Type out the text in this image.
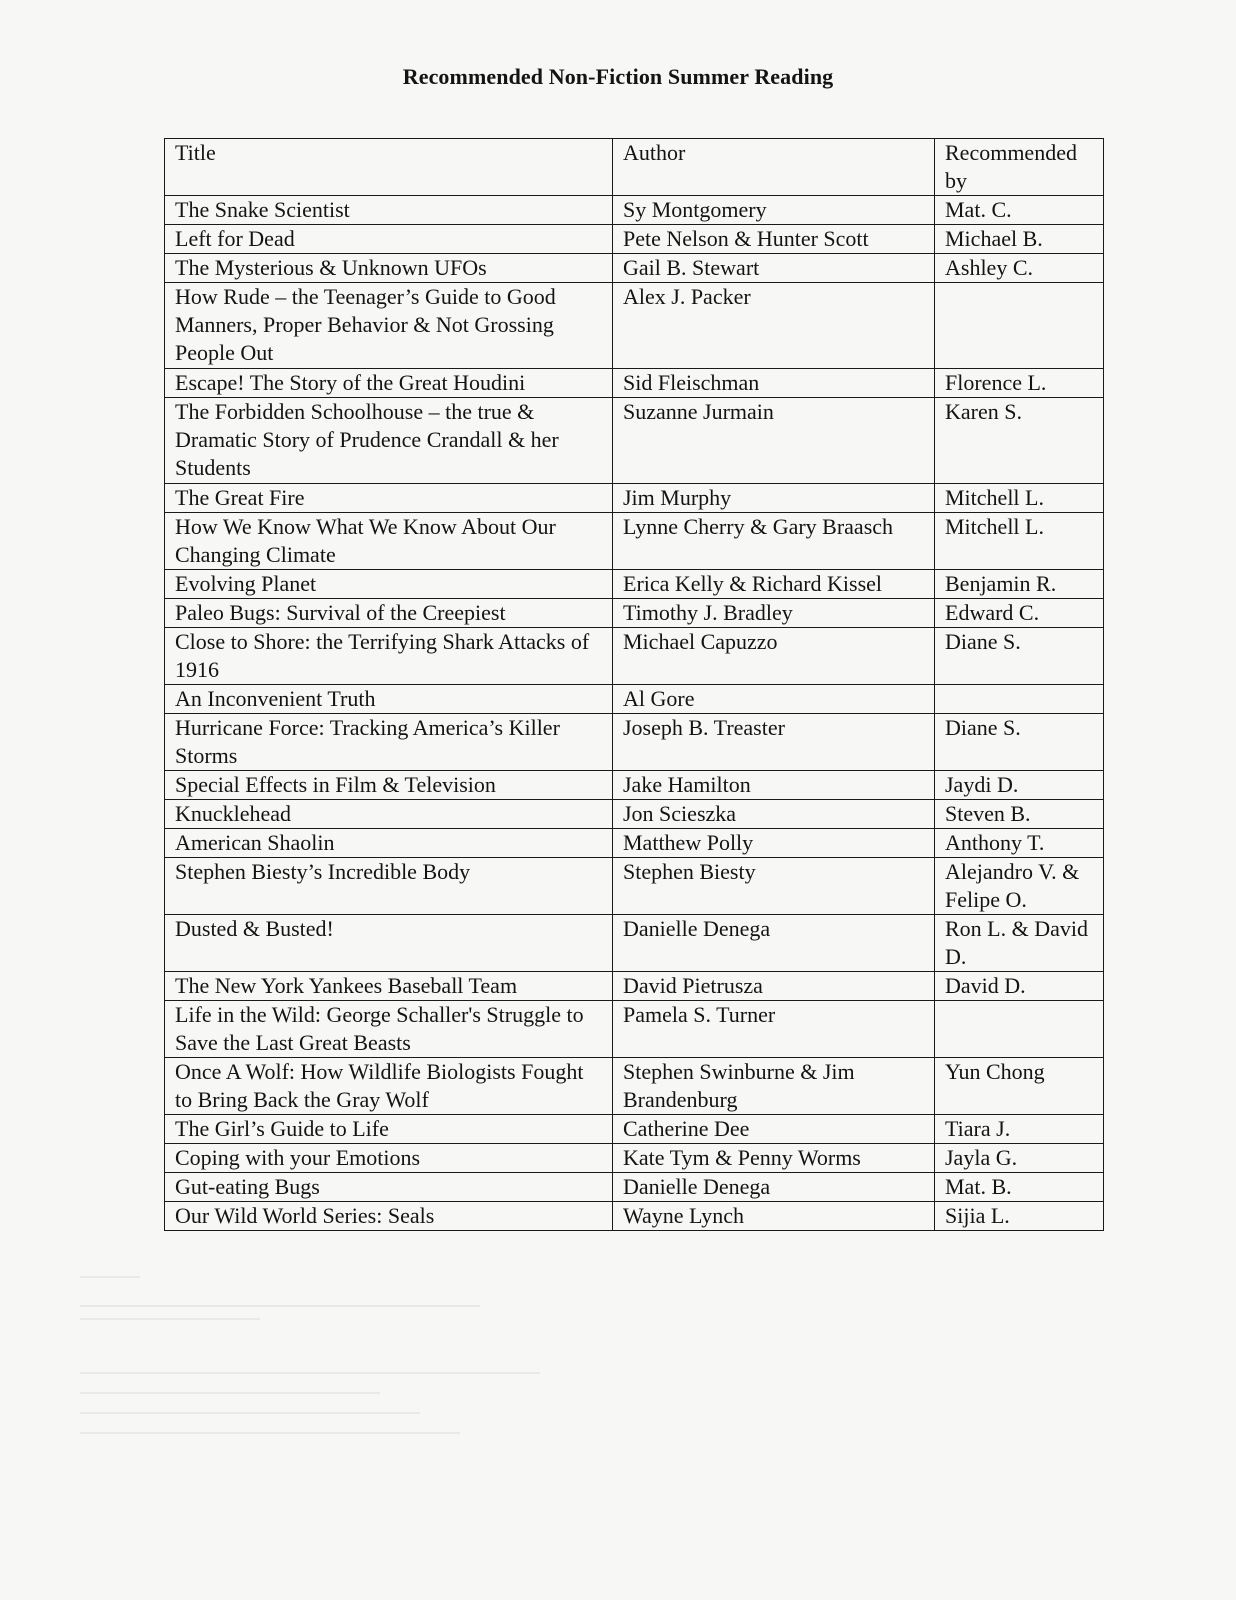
Recommended Non-Fiction Summer Reading
Title	Author	Recommended by
The Snake Scientist	Sy Montgomery	Mat. C.
Left for Dead	Pete Nelson & Hunter Scott	Michael B.
The Mysterious & Unknown UFOs	Gail B. Stewart	Ashley C.
How Rude – the Teenager’s Guide to Good Manners, Proper Behavior & Not Grossing People Out	Alex J. Packer	
Escape! The Story of the Great Houdini	Sid Fleischman	Florence L.
The Forbidden Schoolhouse – the true & Dramatic Story of Prudence Crandall & her Students	Suzanne Jurmain	Karen S.
The Great Fire	Jim Murphy	Mitchell L.
How We Know What We Know About Our Changing Climate	Lynne Cherry & Gary Braasch	Mitchell L.
Evolving Planet	Erica Kelly & Richard Kissel	Benjamin R.
Paleo Bugs: Survival of the Creepiest	Timothy J. Bradley	Edward C.
Close to Shore: the Terrifying Shark Attacks of 1916	Michael Capuzzo	Diane S.
An Inconvenient Truth	Al Gore	
Hurricane Force: Tracking America’s Killer Storms	Joseph B. Treaster	Diane S.
Special Effects in Film & Television	Jake Hamilton	Jaydi D.
Knucklehead	Jon Scieszka	Steven B.
American Shaolin	Matthew Polly	Anthony T.
Stephen Biesty’s Incredible Body	Stephen Biesty	Alejandro V. & Felipe O.
Dusted & Busted!	Danielle Denega	Ron L. & David D.
The New York Yankees Baseball Team	David Pietrusza	David D.
Life in the Wild: George Schaller's Struggle to Save the Last Great Beasts	Pamela S. Turner	
Once A Wolf: How Wildlife Biologists Fought to Bring Back the Gray Wolf	Stephen Swinburne & Jim Brandenburg	Yun Chong
The Girl’s Guide to Life	Catherine Dee	Tiara J.
Coping with your Emotions	Kate Tym & Penny Worms	Jayla G.
Gut-eating Bugs	Danielle Denega	Mat. B.
Our Wild World Series: Seals	Wayne Lynch	Sijia L.
